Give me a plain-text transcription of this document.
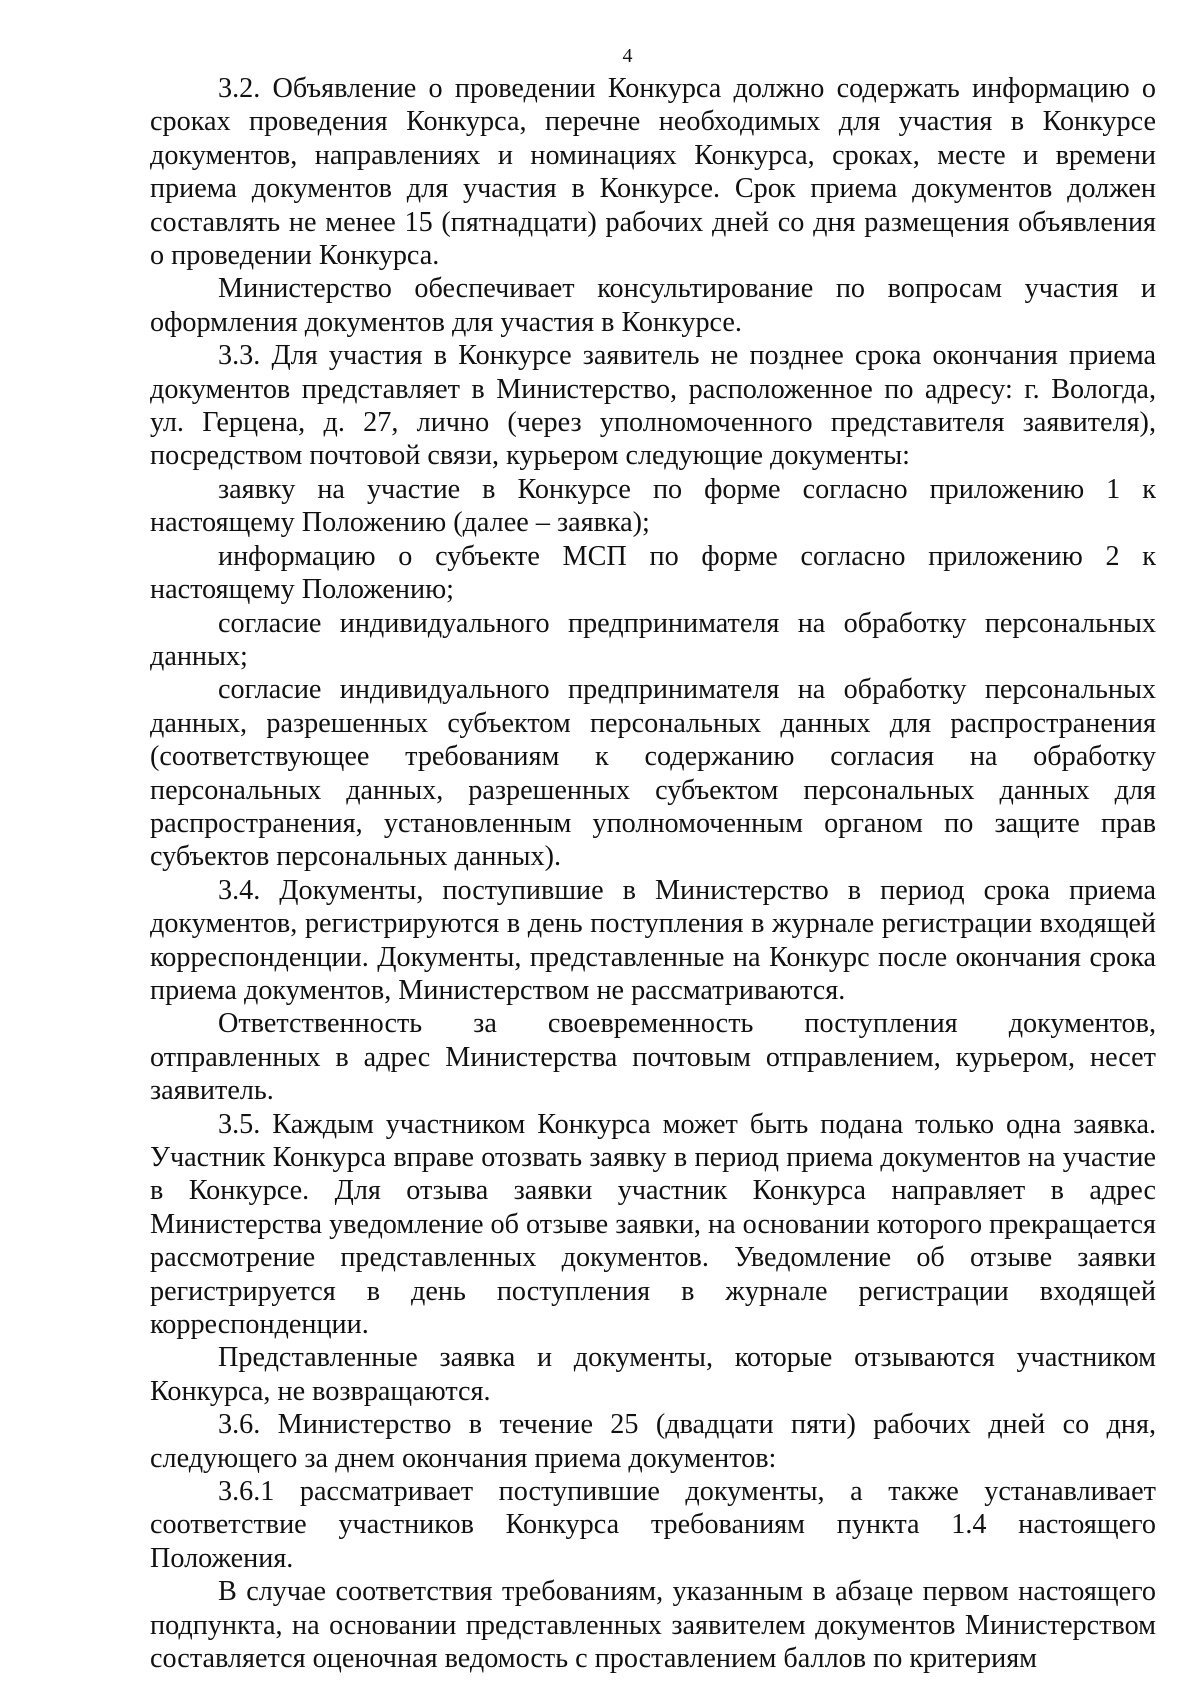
4

3.2. Объявление о проведении Конкурса должно содержать информацию о сроках проведения Конкурса, перечне необходимых для участия в Конкурсе документов, направлениях и номинациях Конкурса, сроках, месте и времени приема документов для участия в Конкурсе. Срок приема документов должен составлять не менее 15 (пятнадцати) рабочих дней со дня размещения объявления о проведении Конкурса.

Министерство обеспечивает консультирование по вопросам участия и оформления документов для участия в Конкурсе.

3.3. Для участия в Конкурсе заявитель не позднее срока окончания приема документов представляет в Министерство, расположенное по адресу: г. Вологда, ул. Герцена, д. 27, лично (через уполномоченного представителя заявителя), посредством почтовой связи, курьером следующие документы:

заявку на участие в Конкурсе по форме согласно приложению 1 к настоящему Положению (далее – заявка);

информацию о субъекте МСП по форме согласно приложению 2 к настоящему Положению;

согласие индивидуального предпринимателя на обработку персональных данных;

согласие индивидуального предпринимателя на обработку персональных данных, разрешенных субъектом персональных данных для распространения (соответствующее требованиям к содержанию согласия на обработку персональных данных, разрешенных субъектом персональных данных для распространения, установленным уполномоченным органом по защите прав субъектов персональных данных).

3.4. Документы, поступившие в Министерство в период срока приема документов, регистрируются в день поступления в журнале регистрации входящей корреспонденции. Документы, представленные на Конкурс после окончания срока приема документов, Министерством не рассматриваются.

Ответственность за своевременность поступления документов, отправленных в адрес Министерства почтовым отправлением, курьером, несет заявитель.

3.5. Каждым участником Конкурса может быть подана только одна заявка. Участник Конкурса вправе отозвать заявку в период приема документов на участие в Конкурсе. Для отзыва заявки участник Конкурса направляет в адрес Министерства уведомление об отзыве заявки, на основании которого прекращается рассмотрение представленных документов. Уведомление об отзыве заявки регистрируется в день поступления в журнале регистрации входящей корреспонденции.

Представленные заявка и документы, которые отзываются участником Конкурса, не возвращаются.

3.6. Министерство в течение 25 (двадцати пяти) рабочих дней со дня, следующего за днем окончания приема документов:

3.6.1 рассматривает поступившие документы, а также устанавливает соответствие участников Конкурса требованиям пункта 1.4 настоящего Положения.

В случае соответствия требованиям, указанным в абзаце первом настоящего подпункта, на основании представленных заявителем документов Министерством составляется оценочная ведомость с проставлением баллов по критериям
